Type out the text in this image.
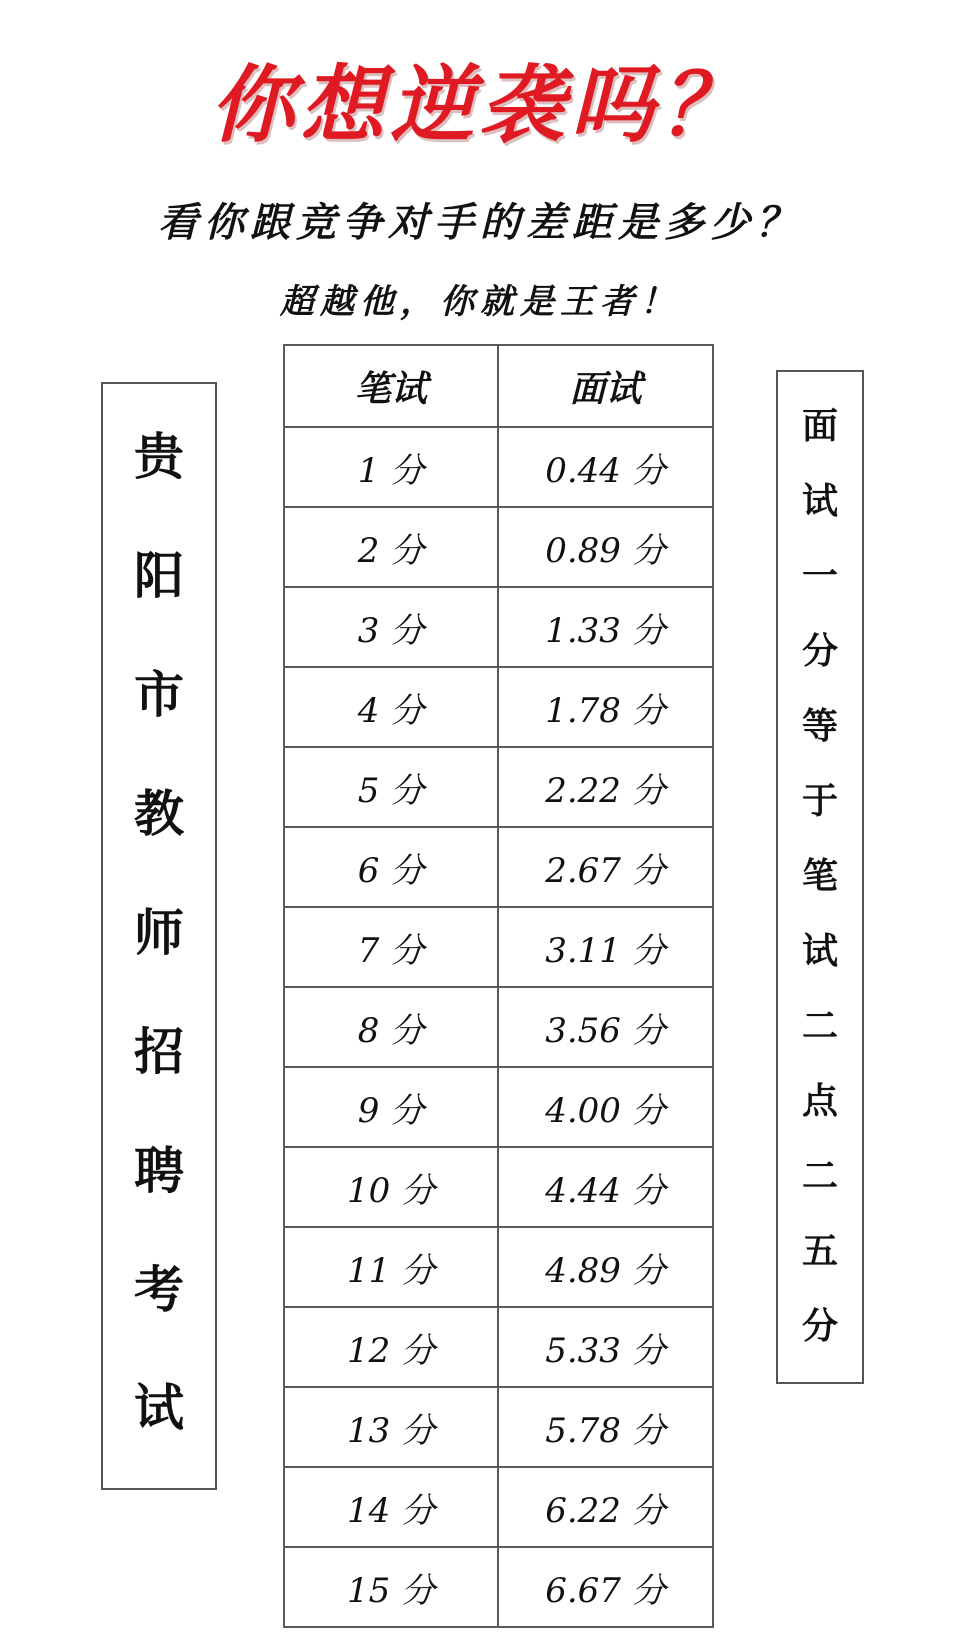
你想逆袭吗？
看你跟竞争对手的差距是多少？
超越他，你就是王者！
贵
阳
市
教
师
招
聘
考
试
面
试
一
分
等
于
笔
试
二
点
二
五
分
笔试	面试
1 分	0.44 分
2 分	0.89 分
3 分	1.33 分
4 分	1.78 分
5 分	2.22 分
6 分	2.67 分
7 分	3.11 分
8 分	3.56 分
9 分	4.00 分
10 分	4.44 分
11 分	4.89 分
12 分	5.33 分
13 分	5.78 分
14 分	6.22 分
15 分	6.67 分
